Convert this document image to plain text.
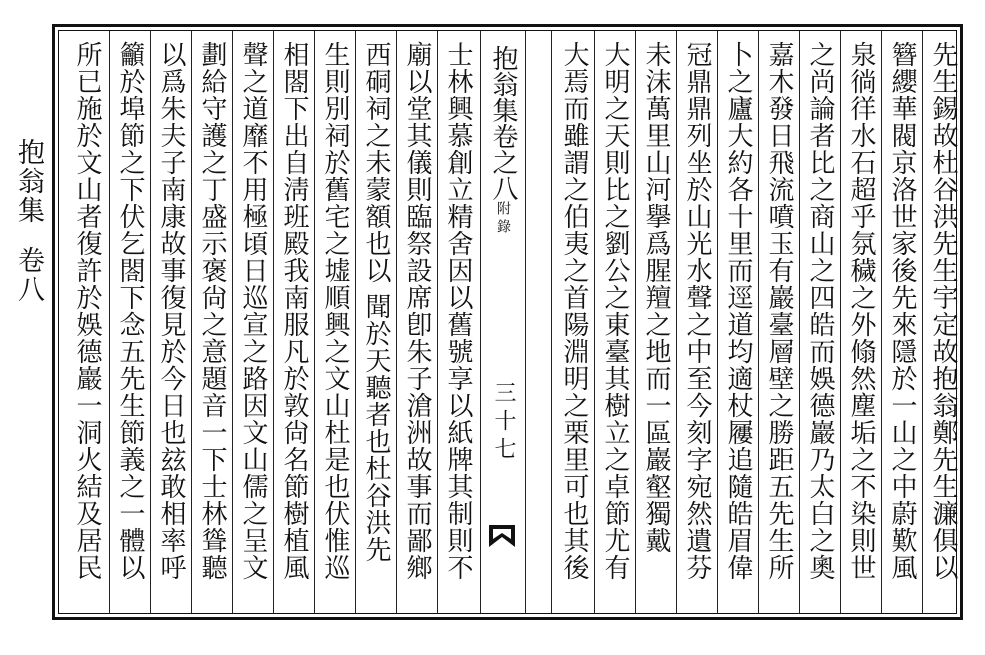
抱翁集  卷八	先生錫故杜谷洪先生宇定故抱翁鄭先生濂俱以
簪纓華閥京洛世家後先來隱於一山之中蔚歎風
泉徜徉水石超乎氛穢之外翛然塵垢之不染則世
之尚論者比之商山之四皓而娛德巖乃太白之奧
嘉木發日飛流噴玉有巖臺層壁之勝距五先生所
卜之廬大約各十里而逕道均適杖屨追隨皓眉偉
冠鼎鼎列坐於山光水聲之中至今刻字宛然遺芬
未沫萬里山河擧爲腥羶之地而一區巖壑獨戴
大明之天則比之劉公之東臺其樹立之卓節尤有
大焉而雖謂之伯夷之首陽淵明之栗里可也其後
抱翁集卷之八
附錄
三十七
士林興慕創立精舍因以舊號享以紙牌其制則不
廟以堂其儀則臨祭設席卽朱子滄洲故事而鄙鄉
西硐祠之未蒙額也以 聞於天聽者也杜谷洪先
生則別祠於舊宅之墟順興之文山杜是也伏惟巡
相閤下出自淸班殿我南服凡於敦尙名節樹植風
聲之道靡不用極頃日巡宣之路因文山儒之呈文
劃給守護之丁盛示褒尙之意題音一下士林聳聽
以爲朱夫子南康故事復見於今日也玆敢相率呼
籲於埠節之下伏乞閤下念五先生節義之一體以
所已施於文山者復許於娛德巖一洞火結及居民
